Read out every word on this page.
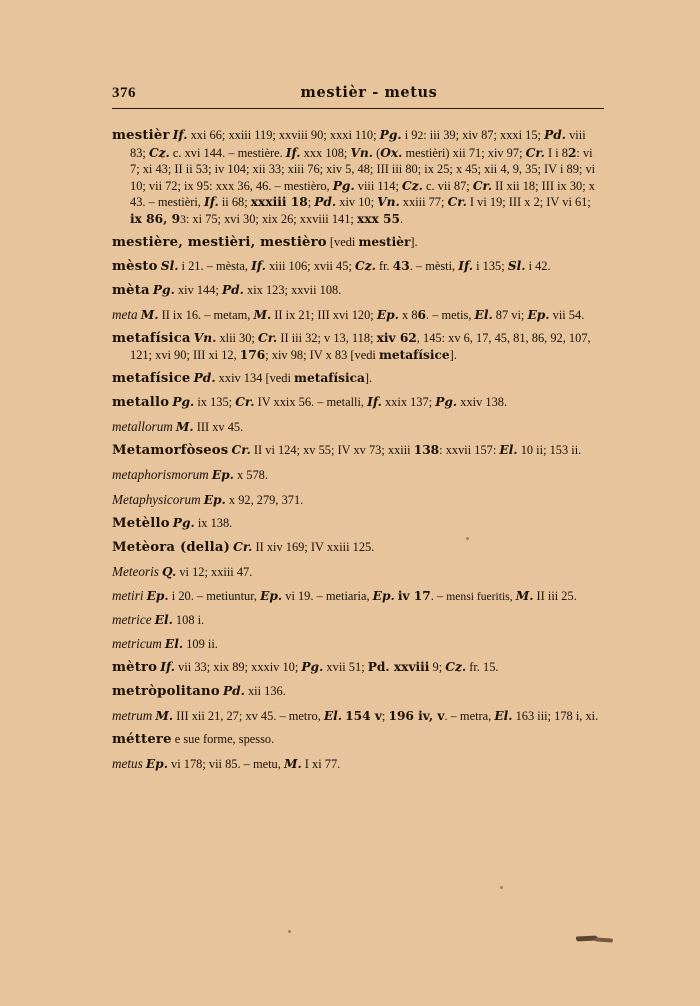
376	mestièr - metus
mestièr If. xxi 66; xxiii 119; xxviii 90; xxxi 110; Pg. i 92: iii 39; xiv 87; xxxi 15; Pd. viii 83; Cz. c. xvi 144. – mestière. If. xxx 108; Vn. (Ox. mestièri) xii 71; xiv 97; Cr. I i 82: vi 7; xi 43; II ii 53; iv 104; xii 33; xiii 76; xiv 5, 48; III iii 80; ix 25; x 45; xii 4, 9, 35; IV i 89; vi 10; vii 72; ix 95: xxx 36, 46. – mestièro, Pg. viii 114; Cz. c. vii 87; Cr. II xii 18; III ix 30; x 43. – mestièri, If. ii 68; xxxiii 18; Pd. xiv 10; Vn. xxiii 77; Cr. I vi 19; III x 2; IV vi 61; ix 86, 93: xi 75; xvi 30; xix 26; xxviii 141; xxx 55.
mestière, mestièri, mestièro [vedi mestièr].
mèsto Sl. i 21. – mèsta, If. xiii 106; xvii 45; Cz. fr. 43. – mèsti, If. i 135; Sl. i 42.
mèta Pg. xiv 144; Pd. xix 123; xxvii 108.
meta M. II ix 16. – metam, M. II ix 21; III xvi 120; Ep. x 86. – metis, El. 87 vi; Ep. vii 54.
metafísica Vn. xlii 30; Cr. II iii 32; v 13, 118; xiv 62, 145: xv 6, 17, 45, 81, 86, 92, 107, 121; xvi 90; III xi 12, 176; xiv 98; IV x 83 [vedi metafísice].
metafísice Pd. xxiv 134 [vedi metafísica].
metallo Pg. ix 135; Cr. IV xxix 56. – metalli, If. xxix 137; Pg. xxiv 138.
metallorum M. III xv 45.
Metamorfòseos Cr. II vi 124; xv 55; IV xv 73; xxiii 138: xxvii 157: El. 10 ii; 153 ii.
metaphorismorum Ep. x 578.
Metaphysicorum Ep. x 92, 279, 371.
Metèllo Pg. ix 138.
Metèora (della) Cr. II xiv 169; IV xxiii 125.
Meteoris Q. vi 12; xxiii 47.
metiri Ep. i 20. – metiuntur, Ep. vi 19. – metiaria, Ep. iv 17. – mensi fueritis, M. II iii 25.
metrice El. 108 i.
metricum El. 109 ii.
mètro If. vii 33; xix 89; xxxiv 10; Pg. xvii 51; Pd. xxviii 9; Cz. fr. 15.
metròpolitano Pd. xii 136.
metrum M. III xii 21, 27; xv 45. – metro, El. 154 v; 196 iv, v. – metra, El. 163 iii; 178 i, xi.
méttere e sue forme, spesso.
metus Ep. vi 178; vii 85. – metu, M. I xi 77.
